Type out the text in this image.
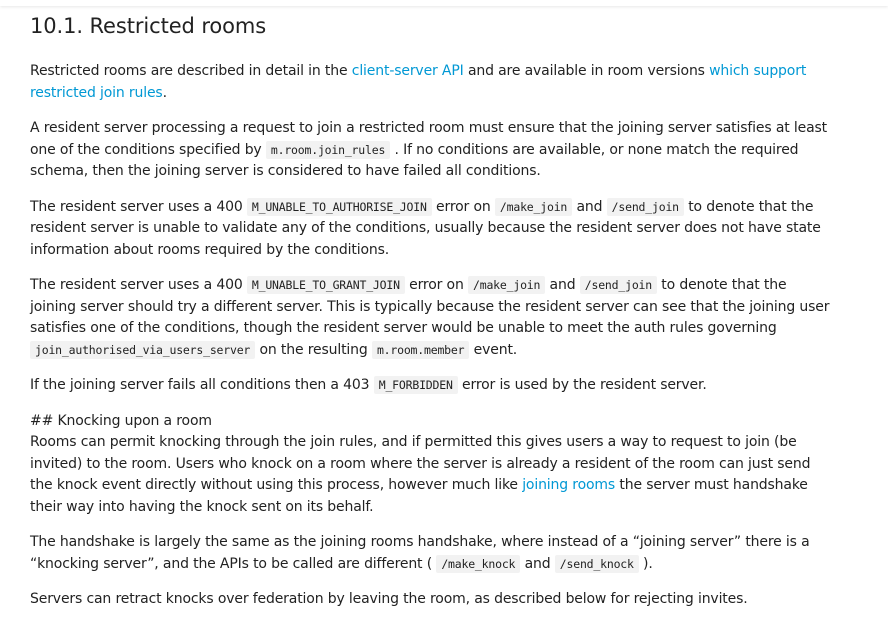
10.1. Restricted rooms

Restricted rooms are described in detail in the client-server API and are available in room versions which support restricted join rules.

A resident server processing a request to join a restricted room must ensure that the joining server satisfies at least one of the conditions specified by m.room.join_rules . If no conditions are available, or none match the required schema, then the joining server is considered to have failed all conditions.

The resident server uses a 400 M_UNABLE_TO_AUTHORISE_JOIN error on /make_join and /send_join to denote that the resident server is unable to validate any of the conditions, usually because the resident server does not have state information about rooms required by the conditions.

The resident server uses a 400 M_UNABLE_TO_GRANT_JOIN error on /make_join and /send_join to denote that the joining server should try a different server. This is typically because the resident server can see that the joining user satisfies one of the conditions, though the resident server would be unable to meet the auth rules governing join_authorised_via_users_server on the resulting m.room.member event.

If the joining server fails all conditions then a 403 M_FORBIDDEN error is used by the resident server.

## Knocking upon a room
Rooms can permit knocking through the join rules, and if permitted this gives users a way to request to join (be invited) to the room. Users who knock on a room where the server is already a resident of the room can just send the knock event directly without using this process, however much like joining rooms the server must handshake their way into having the knock sent on its behalf.

The handshake is largely the same as the joining rooms handshake, where instead of a “joining server” there is a “knocking server”, and the APIs to be called are different ( /make_knock and /send_knock ).

Servers can retract knocks over federation by leaving the room, as described below for rejecting invites.
